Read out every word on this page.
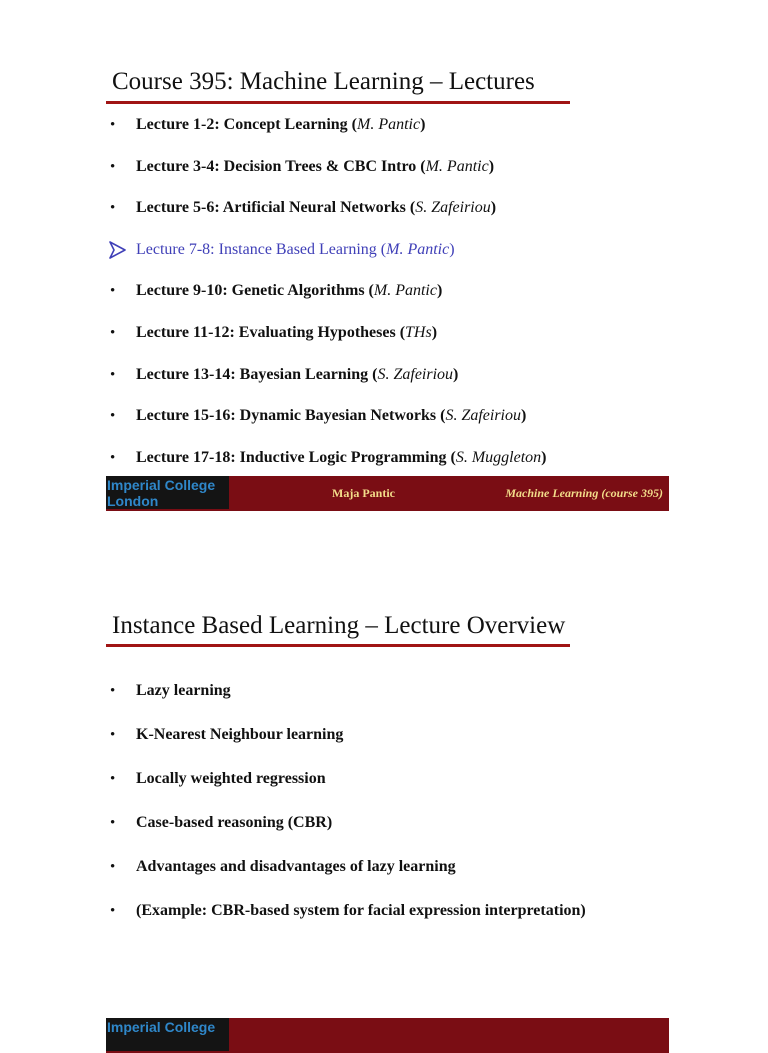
Course 395: Machine Learning – Lectures
• Lecture 1-2: Concept Learning (M. Pantic)
• Lecture 3-4: Decision Trees & CBC Intro (M. Pantic)
• Lecture 5-6: Artificial Neural Networks (S. Zafeiriou)
Lecture 7-8: Instance Based Learning (M. Pantic)
• Lecture 9-10: Genetic Algorithms (M. Pantic)
• Lecture 11-12: Evaluating Hypotheses (THs)
• Lecture 13-14: Bayesian Learning (S. Zafeiriou)
• Lecture 15-16: Dynamic Bayesian Networks (S. Zafeiriou)
• Lecture 17-18: Inductive Logic Programming (S. Muggleton)
Imperial College
London	Maja Pantic	Machine Learning (course 395)
Instance Based Learning – Lecture Overview
• Lazy learning
• K-Nearest Neighbour learning
• Locally weighted regression
• Case-based reasoning (CBR)
• Advantages and disadvantages of lazy learning
• (Example: CBR-based system for facial expression interpretation)
Imperial College
